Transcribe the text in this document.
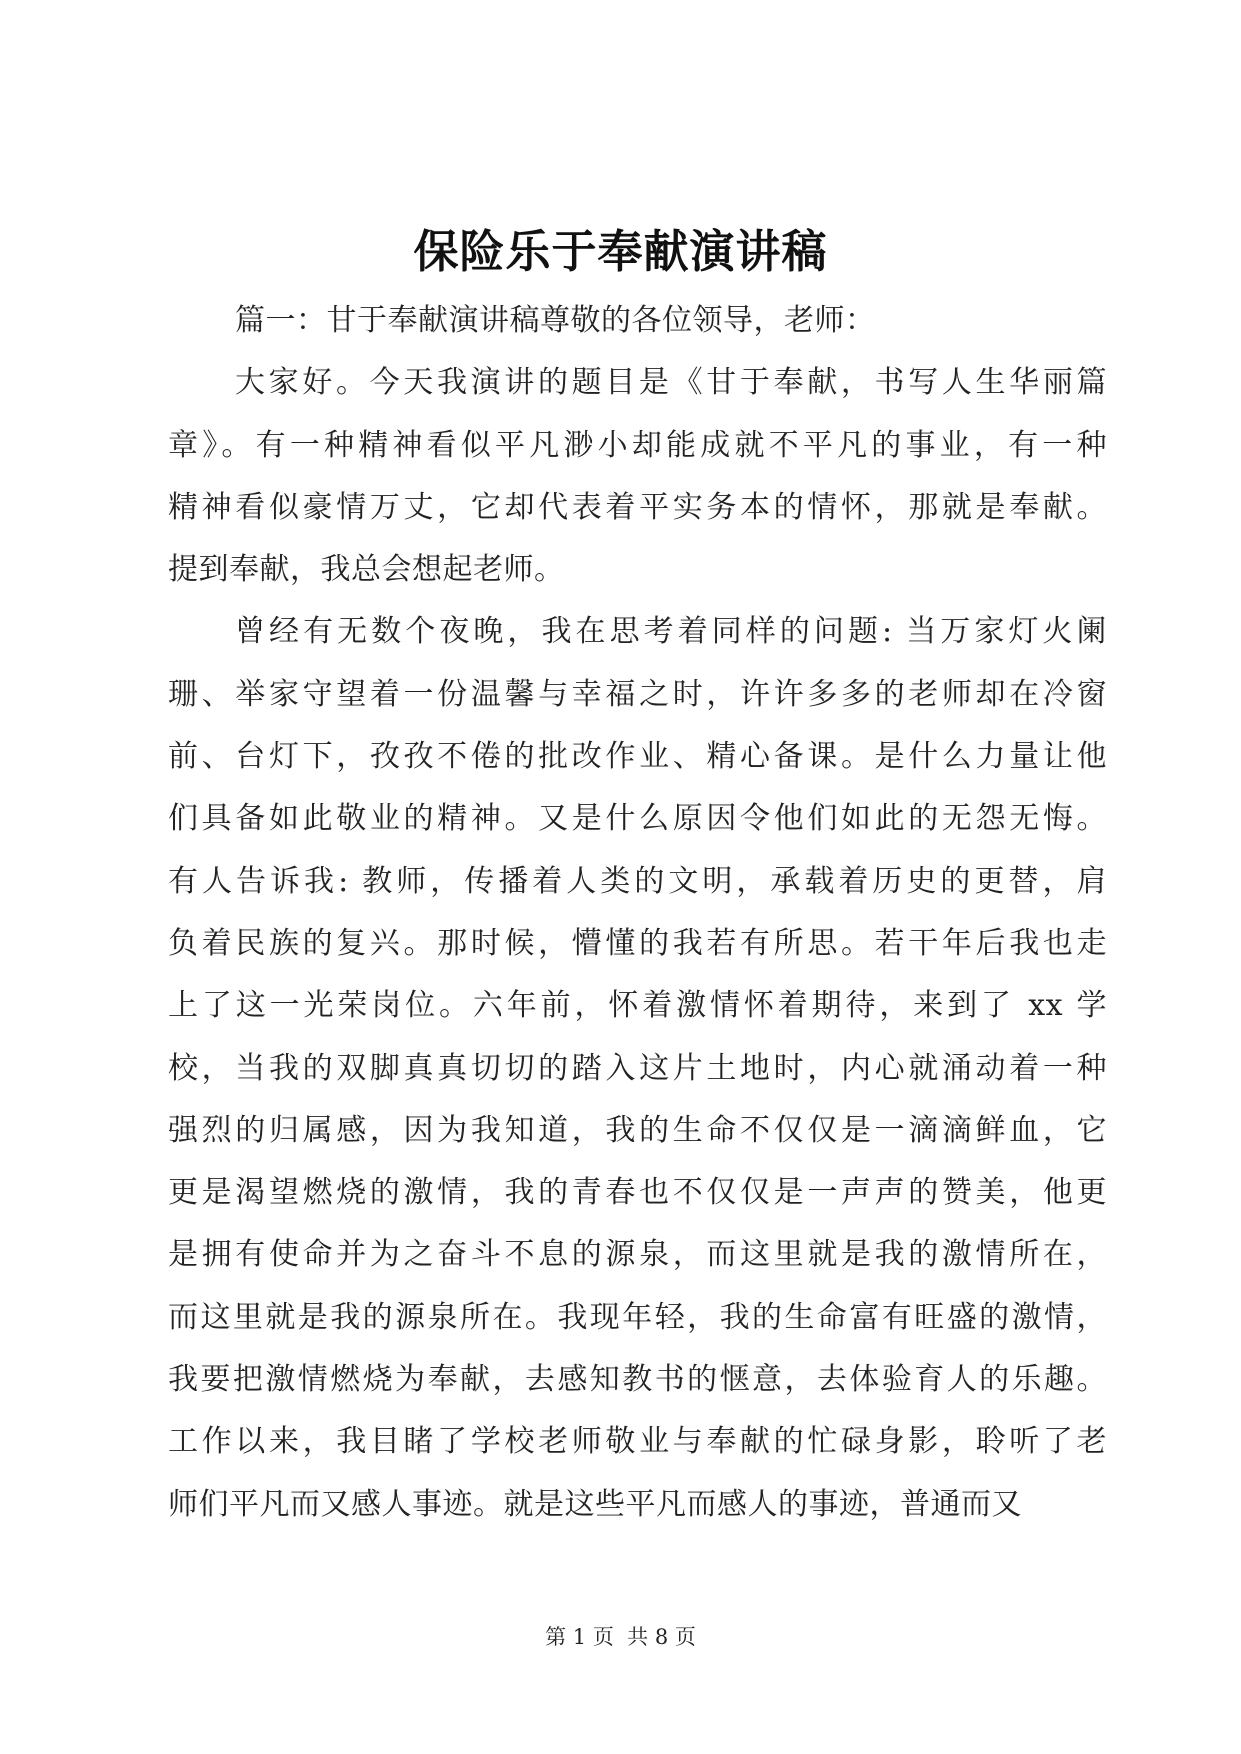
保险乐于奉献演讲稿
篇一：甘于奉献演讲稿尊敬的各位领导，老师：
大家好。今天我演讲的题目是《甘于奉献，书写人生华丽篇
章》。有一种精神看似平凡渺小却能成就不平凡的事业，有一种
精神看似豪情万丈，它却代表着平实务本的情怀，那就是奉献。
提到奉献，我总会想起老师。
曾经有无数个夜晚，我在思考着同样的问题: 当万家灯火阑
珊、举家守望着一份温馨与幸福之时，许许多多的老师却在冷窗
前、台灯下，孜孜不倦的批改作业、精心备课。是什么力量让他
们具备如此敬业的精神。又是什么原因令他们如此的无怨无悔。
有人告诉我: 教师，传播着人类的文明，承载着历史的更替，肩
负着民族的复兴。那时候，懵懂的我若有所思。若干年后我也走
上了这一光荣岗位。六年前，怀着激情怀着期待，来到了 xx 学
校，当我的双脚真真切切的踏入这片土地时，内心就涌动着一种
强烈的归属感，因为我知道，我的生命不仅仅是一滴滴鲜血，它
更是渴望燃烧的激情，我的青春也不仅仅是一声声的赞美，他更
是拥有使命并为之奋斗不息的源泉，而这里就是我的激情所在，
而这里就是我的源泉所在。我现年轻，我的生命富有旺盛的激情，
我要把激情燃烧为奉献，去感知教书的惬意，去体验育人的乐趣。
工作以来，我目睹了学校老师敬业与奉献的忙碌身影，聆听了老
师们平凡而又感人事迹。就是这些平凡而感人的事迹，普通而又
第 1 页  共 8 页
